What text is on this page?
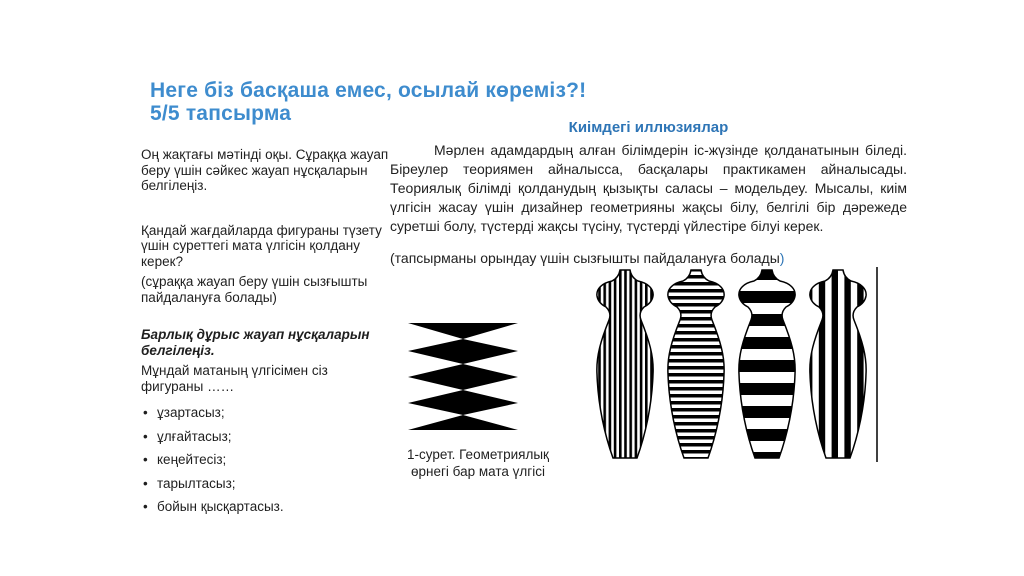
Неге біз басқаша емес, осылай көреміз?!
5/5 тапсырма

Оң жақтағы мәтінді оқы. Сұраққа жауап беру үшін сәйкес жауап нұсқаларын белгілеңіз.

Қандай жағдайларда фигураны түзету үшін суреттегі мата үлгісін қолдану керек?

(сұраққа жауап беру үшін сызғышты пайдалануға болады)

Барлық дұрыс жауап нұсқаларын белгілеңіз.

Мұндай матаның үлгісімен сіз фигураны ……

• ұзартасыз;
• ұлғайтасыз;
• кеңейтесіз;
• тарылтасыз;
• бойын қысқартасыз.
Киімдегі иллюзиялар

Мәрлен адамдардың алған білімдерін іс-жүзінде қолданатынын біледі. Біреулер теориямен айналысса, басқалары практикамен айналысады. Теориялық білімді қолданудың қызықты саласы – модельдеу. Мысалы, киім үлгісін жасау үшін дизайнер геометрияны жақсы білу, белгілі бір дәрежеде суретші болу, түстерді жақсы түсіну, түстерді үйлестіре білуі керек.

(тапсырманы орындау үшін сызғышты пайдалануға болады)

1-сурет. Геометриялық өрнегі бар мата үлгісі
